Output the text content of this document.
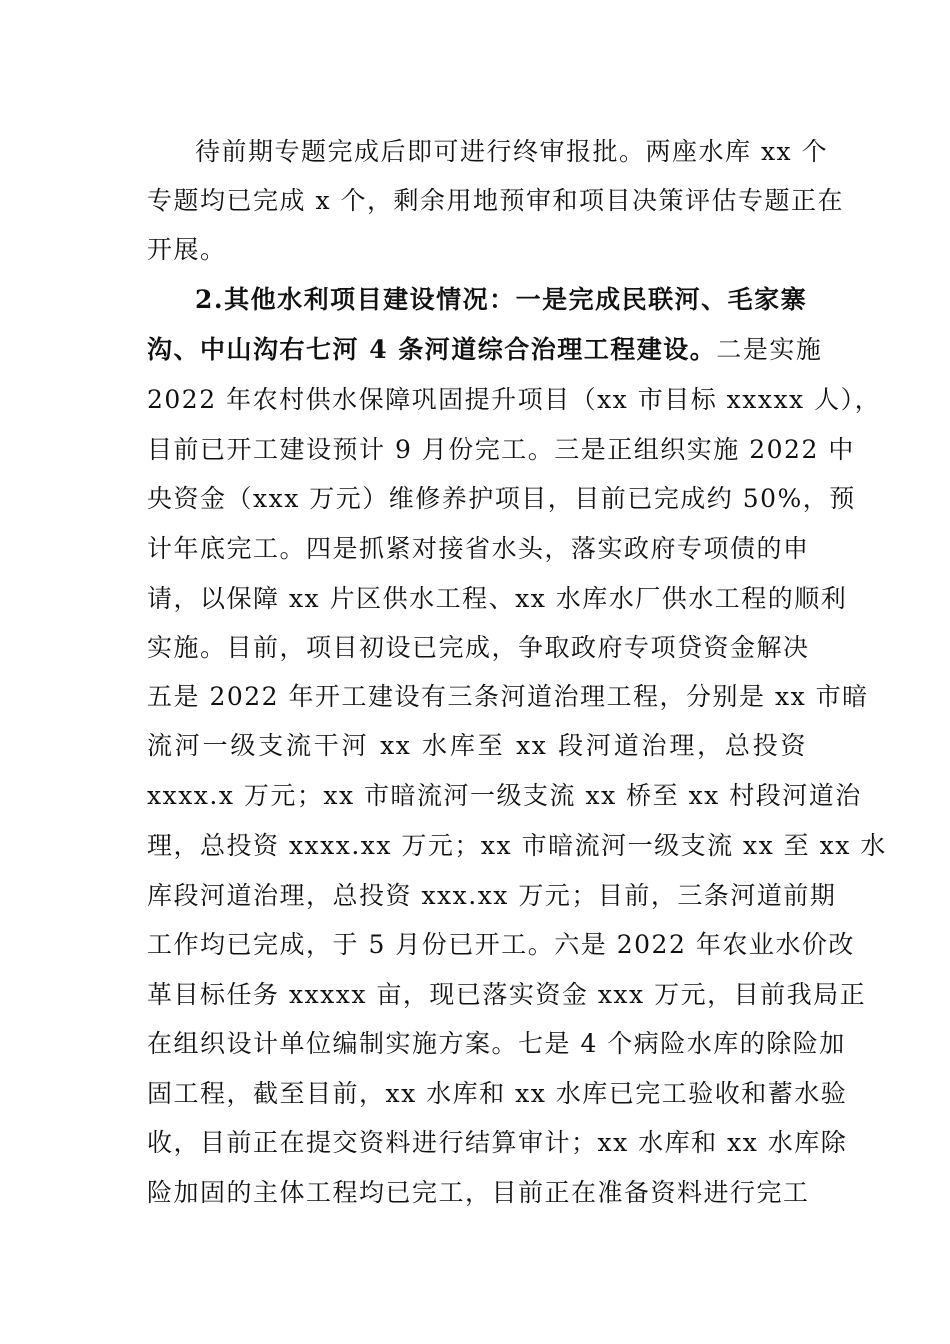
待前期专题完成后即可进行终审报批。两座水库 xx 个
专题均已完成 x 个，剩余用地预审和项目决策评估专题正在
开展。
2.其他水利项目建设情况：一是完成民联河、毛家寨
沟、中山沟右七河 4 条河道综合治理工程建设。二是实施
2022 年农村供水保障巩固提升项目（xx 市目标 xxxxx 人），
目前已开工建设预计 9 月份完工。三是正组织实施 2022 中
央资金（xxx 万元）维修养护项目，目前已完成约 50%，预
计年底完工。四是抓紧对接省水头，落实政府专项债的申
请，以保障 xx 片区供水工程、xx 水库水厂供水工程的顺利
实施。目前，项目初设已完成，争取政府专项贷资金解决
五是 2022 年开工建设有三条河道治理工程，分别是 xx 市暗
流河一级支流干河 xx 水库至 xx 段河道治理，总投资
xxxx.x 万元；xx 市暗流河一级支流 xx 桥至 xx 村段河道治
理，总投资 xxxx.xx 万元；xx 市暗流河一级支流 xx 至 xx 水
库段河道治理，总投资 xxx.xx 万元；目前，三条河道前期
工作均已完成，于 5 月份已开工。六是 2022 年农业水价改
革目标任务 xxxxx 亩，现已落实资金 xxx 万元，目前我局正
在组织设计单位编制实施方案。七是 4 个病险水库的除险加
固工程，截至目前，xx 水库和 xx 水库已完工验收和蓄水验
收，目前正在提交资料进行结算审计；xx 水库和 xx 水库除
险加固的主体工程均已完工，目前正在准备资料进行完工
